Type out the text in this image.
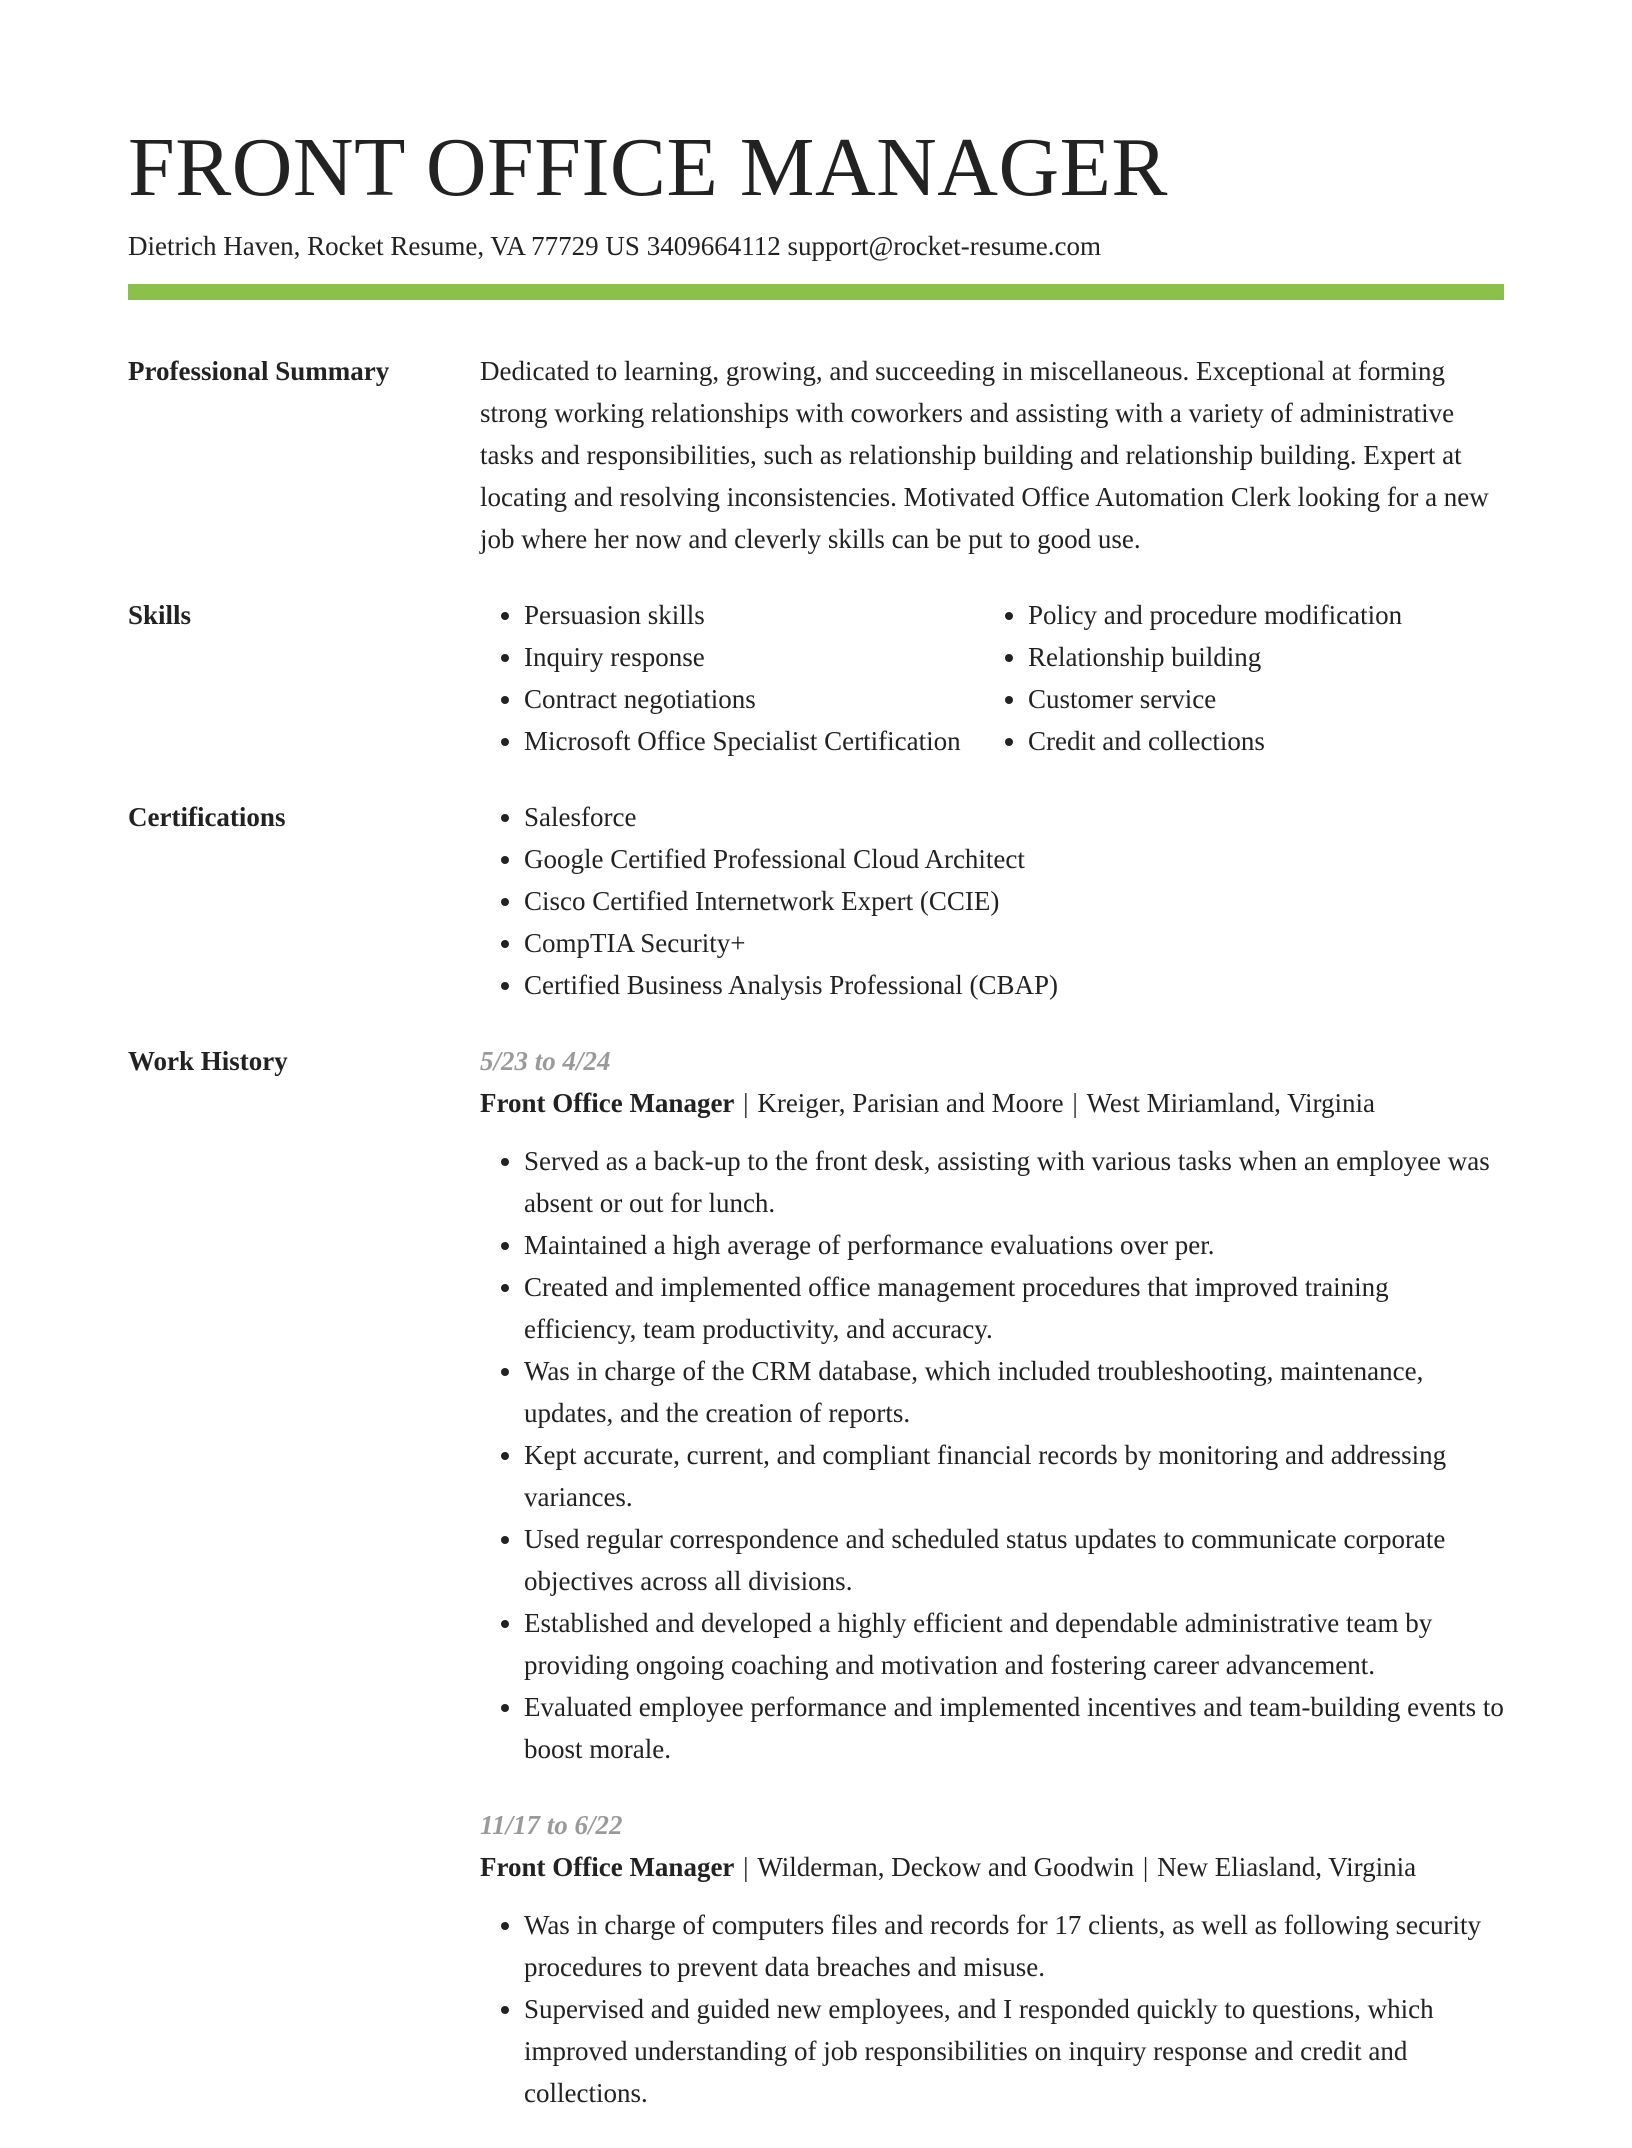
FRONT OFFICE MANAGER
Dietrich Haven, Rocket Resume, VA 77729 US 3409664112 support@rocket-resume.com
Professional Summary	Dedicated to learning, growing, and succeeding in miscellaneous. Exceptional at forming strong working relationships with coworkers and assisting with a variety of administrative tasks and responsibilities, such as relationship building and relationship building. Expert at locating and resolving inconsistencies. Motivated Office Automation Clerk looking for a new job where her now and cleverly skills can be put to good use.

Skills	• Persuasion skills
• Inquiry response
• Contract negotiations
• Microsoft Office Specialist Certification
• Policy and procedure modification
• Relationship building
• Customer service
• Credit and collections
Certifications	• Salesforce
• Google Certified Professional Cloud Architect
• Cisco Certified Internetwork Expert (CCIE)
• CompTIA Security+
• Certified Business Analysis Professional (CBAP)
Work History	5/23 to 4/24
Front Office Manager | Kreiger, Parisian and Moore | West Miriamland, Virginia
• Served as a back-up to the front desk, assisting with various tasks when an employee was absent or out for lunch.
• Maintained a high average of performance evaluations over per.
• Created and implemented office management procedures that improved training efficiency, team productivity, and accuracy.
• Was in charge of the CRM database, which included troubleshooting, maintenance, updates, and the creation of reports.
• Kept accurate, current, and compliant financial records by monitoring and addressing variances.
• Used regular correspondence and scheduled status updates to communicate corporate objectives across all divisions.
• Established and developed a highly efficient and dependable administrative team by providing ongoing coaching and motivation and fostering career advancement.
• Evaluated employee performance and implemented incentives and team-building events to boost morale.
11/17 to 6/22
Front Office Manager | Wilderman, Deckow and Goodwin | New Eliasland, Virginia
• Was in charge of computers files and records for 17 clients, as well as following security procedures to prevent data breaches and misuse.
• Supervised and guided new employees, and I responded quickly to questions, which improved understanding of job responsibilities on inquiry response and credit and collections.
